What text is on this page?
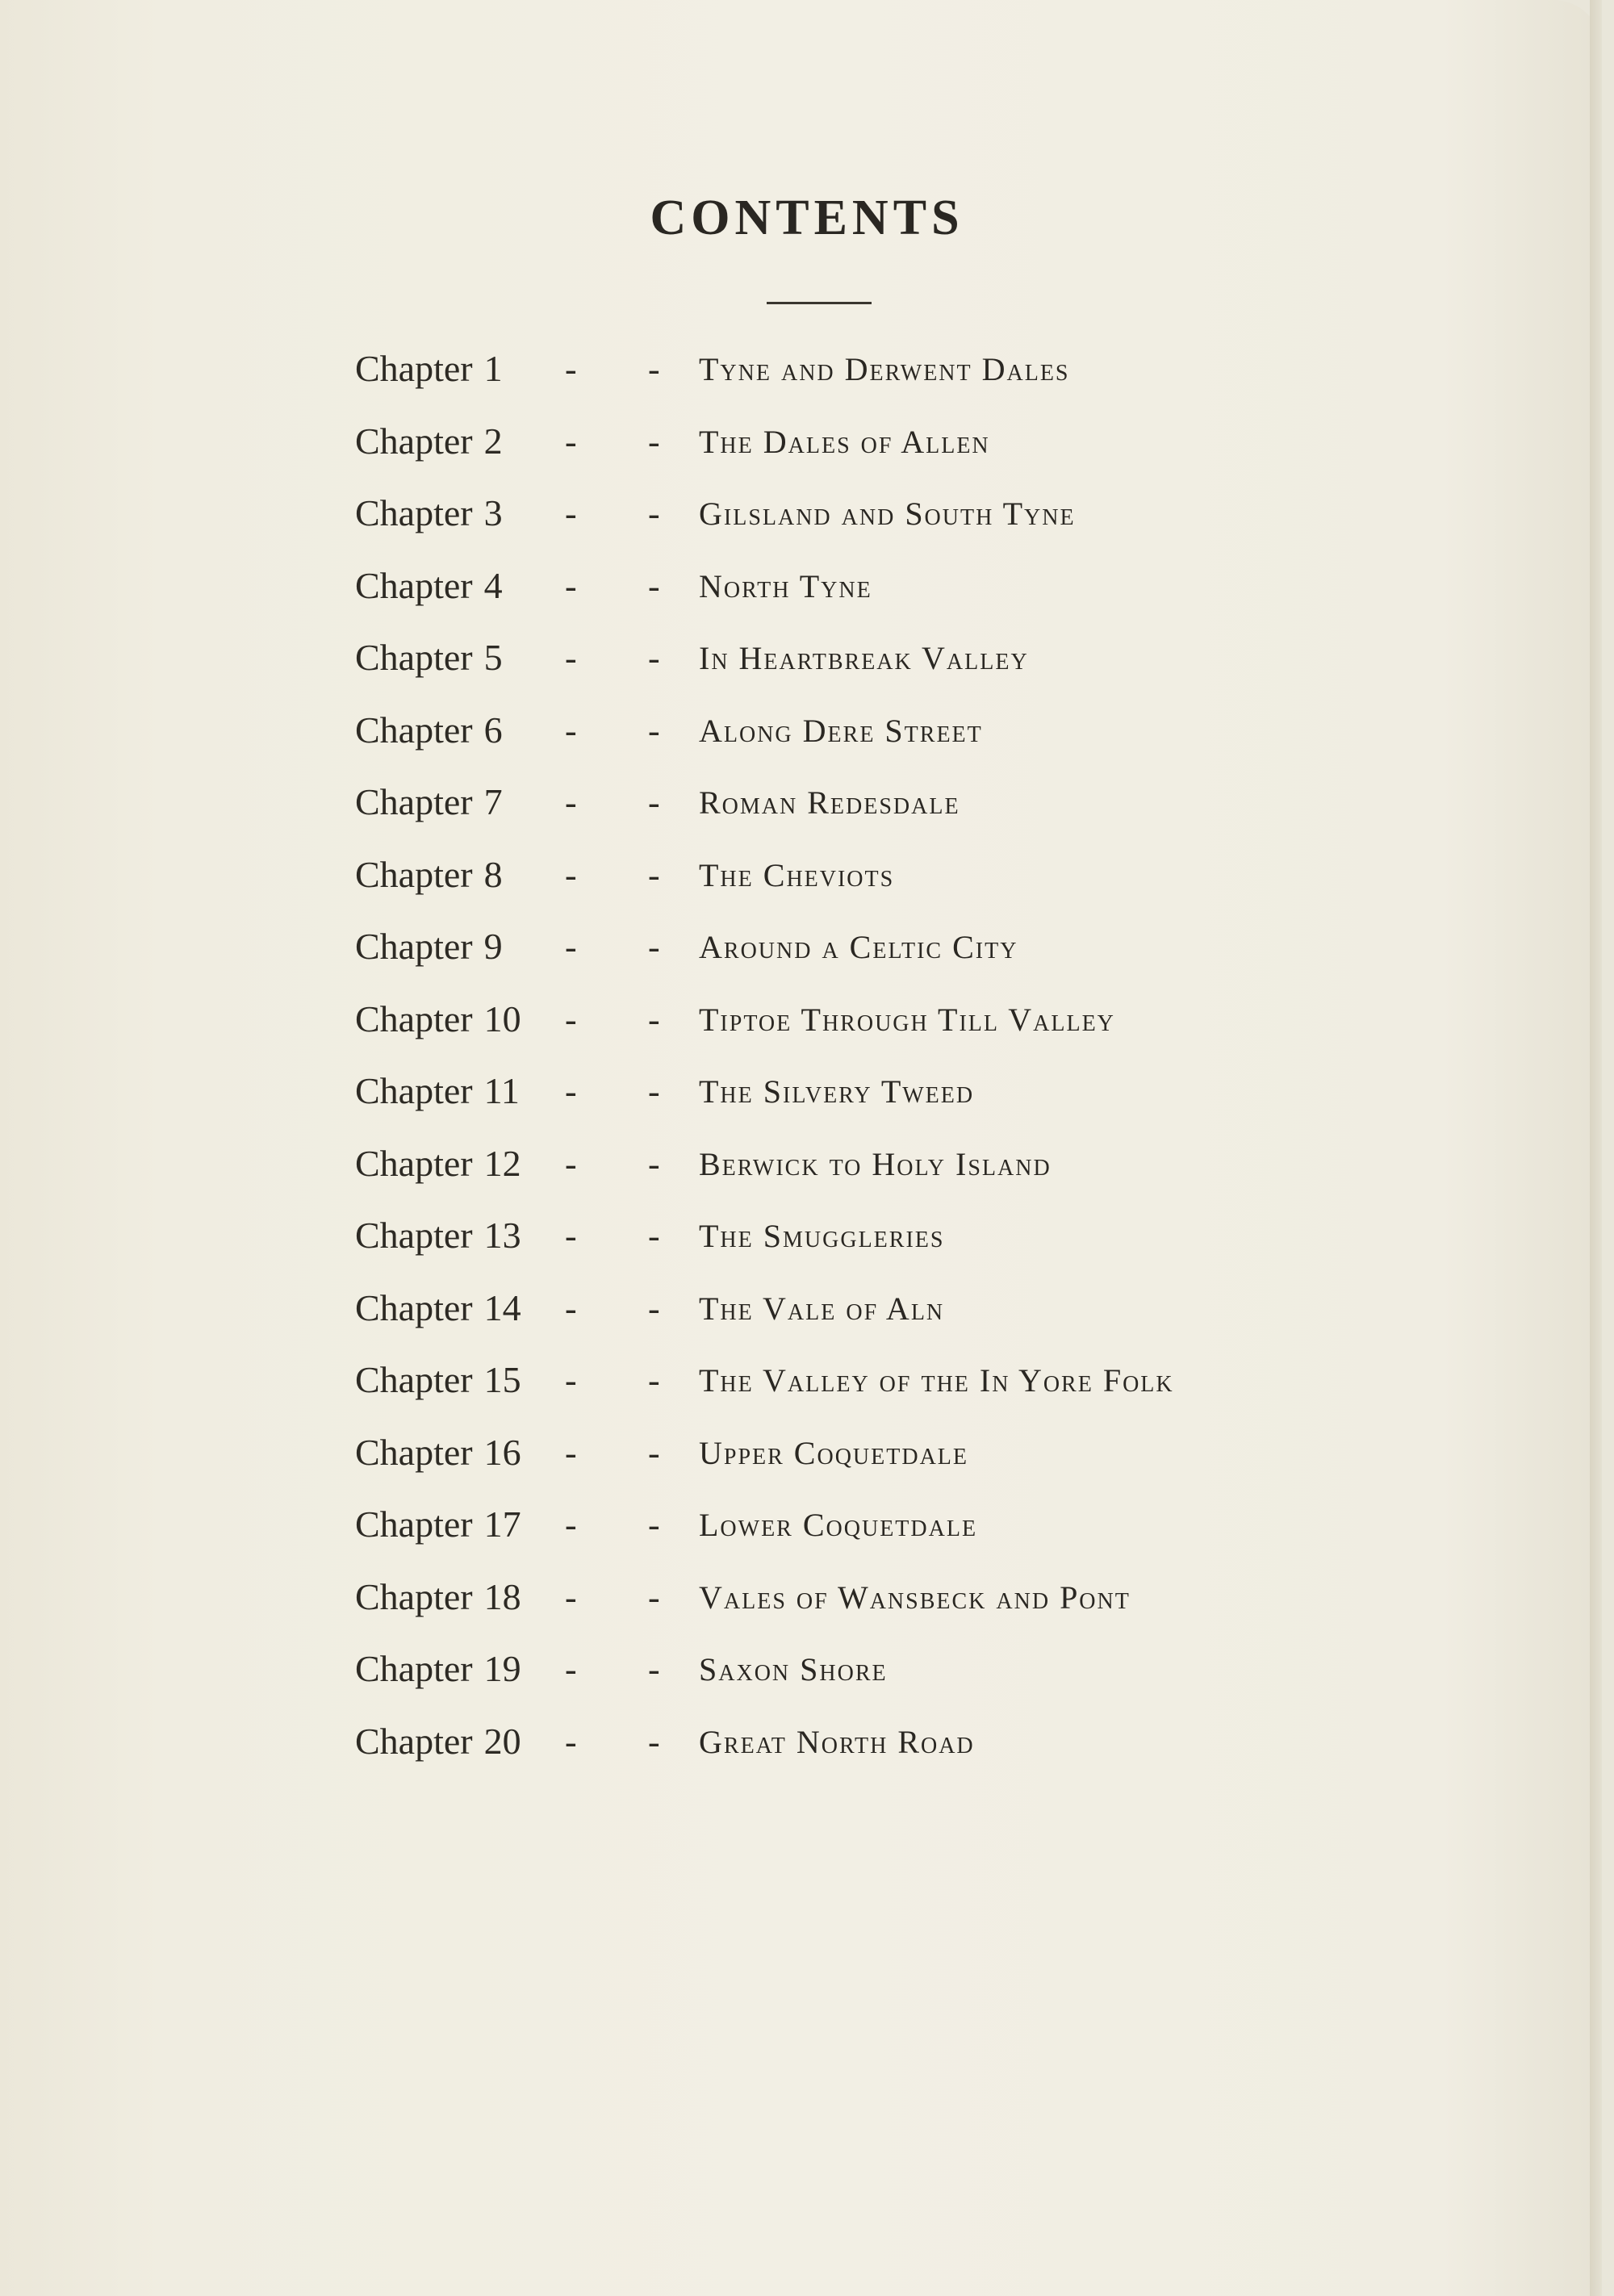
CONTENTS
Chapter 1	- - Tyne and Derwent Dales
Chapter 2	- - The Dales of Allen
Chapter 3	- - Gilsland and South Tyne
Chapter 4	- - North Tyne
Chapter 5	- - In Heartbreak Valley
Chapter 6	- - Along Dere Street
Chapter 7	- - Roman Redesdale
Chapter 8	- - The Cheviots
Chapter 9	- - Around a Celtic City
Chapter 10	- - Tiptoe Through Till Valley
Chapter 11	- - The Silvery Tweed
Chapter 12	- - Berwick to Holy Island
Chapter 13	- - The Smuggleries
Chapter 14	- - The Vale of Aln
Chapter 15	- - The Valley of the In Yore Folk
Chapter 16	- - Upper Coquetdale
Chapter 17	- - Lower Coquetdale
Chapter 18	- - Vales of Wansbeck and Pont
Chapter 19	- - Saxon Shore
Chapter 20	- - Great North Road
